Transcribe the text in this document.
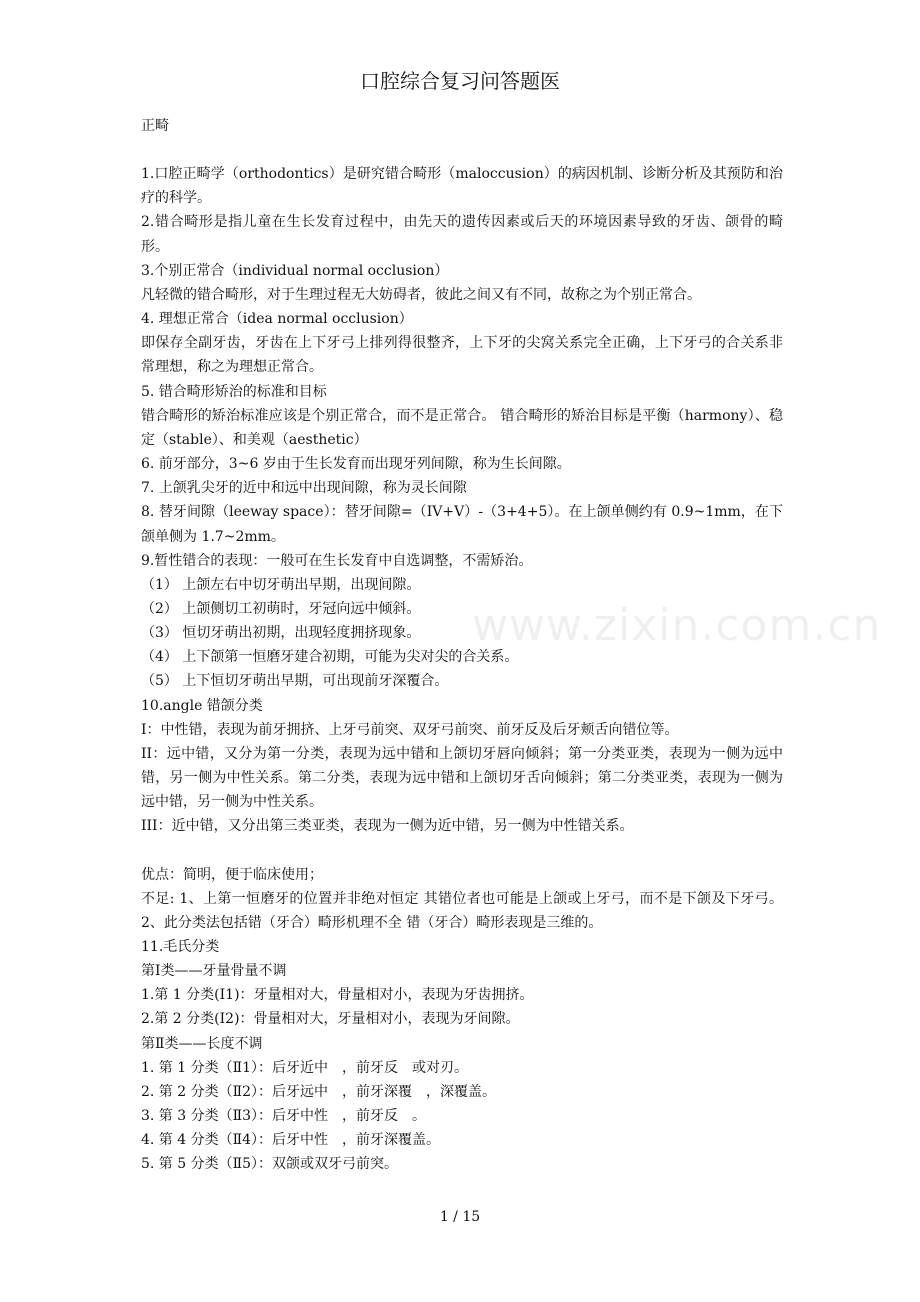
口腔综合复习问答题医
www.zixin.com.cn

正畸

1.口腔正畸学（orthodontics）是研究错合畸形（maloccusion）的病因机制、诊断分析及其预防和治疗的科学。

2.错合畸形是指儿童在生长发育过程中，由先天的遗传因素或后天的环境因素导致的牙齿、颌骨的畸形。

3.个别正常合（individual normal occlusion）

凡轻微的错合畸形，对于生理过程无大妨碍者，彼此之间又有不同，故称之为个别正常合。

4. 理想正常合（idea normal occlusion）

即保存全副牙齿，牙齿在上下牙弓上排列得很整齐，上下牙的尖窝关系完全正确，上下牙弓的合关系非常理想，称之为理想正常合。

5. 错合畸形矫治的标准和目标

错合畸形的矫治标准应该是个别正常合，而不是正常合。 错合畸形的矫治目标是平衡（harmony）、稳定（stable）、和美观（aesthetic）

6. 前牙部分，3~6 岁由于生长发育而出现牙列间隙，称为生长间隙。

7. 上颌乳尖牙的近中和远中出现间隙，称为灵长间隙

8. 替牙间隙（leeway space）：替牙间隙=（IV+V）-（3+4+5）。在上颌单侧约有 0.9~1mm，在下颌单侧为 1.7~2mm。

9.暂性错合的表现：一般可在生长发育中自选调整，不需矫治。

（1） 上颌左右中切牙萌出早期，出现间隙。

（2） 上颌侧切工初萌时，牙冠向远中倾斜。

（3） 恒切牙萌出初期，出现轻度拥挤现象。

（4） 上下颌第一恒磨牙建合初期，可能为尖对尖的合关系。

（5） 上下恒切牙萌出早期，可出现前牙深覆合。

10.angle 错颌分类

I：中性错，表现为前牙拥挤、上牙弓前突、双牙弓前突、前牙反及后牙颊舌向错位等。

II：远中错，又分为第一分类，表现为远中错和上颌切牙唇向倾斜；第一分类亚类，表现为一侧为远中错，另一侧为中性关系。第二分类，表现为远中错和上颌切牙舌向倾斜；第二分类亚类，表现为一侧为远中错，另一侧为中性关系。

III：近中错，又分出第三类亚类，表现为一侧为近中错，另一侧为中性错关系。

优点：简明，便于临床使用；

不足: 1、上第一恒磨牙的位置并非绝对恒定 其错位者也可能是上颌或上牙弓，而不是下颌及下牙弓。 2、此分类法包括错（牙合）畸形机理不全 错（牙合）畸形表现是三维的。

11.毛氏分类

第Ⅰ类——牙量骨量不调

1.第 1 分类(Ⅰ1)：牙量相对大，骨量相对小，表现为牙齿拥挤。

2.第 2 分类(Ⅰ2)：骨量相对大，牙量相对小，表现为牙间隙。

第Ⅱ类——长度不调

1. 第 1 分类（Ⅱ1）：后牙近中　，前牙反　或对刃。

2. 第 2 分类（Ⅱ2）：后牙远中　，前牙深覆　，深覆盖。

3. 第 3 分类（Ⅱ3）：后牙中性　，前牙反　。

4. 第 4 分类（Ⅱ4）：后牙中性　，前牙深覆盖。

5. 第 5 分类（Ⅱ5）：双颌或双牙弓前突。

1 / 15
